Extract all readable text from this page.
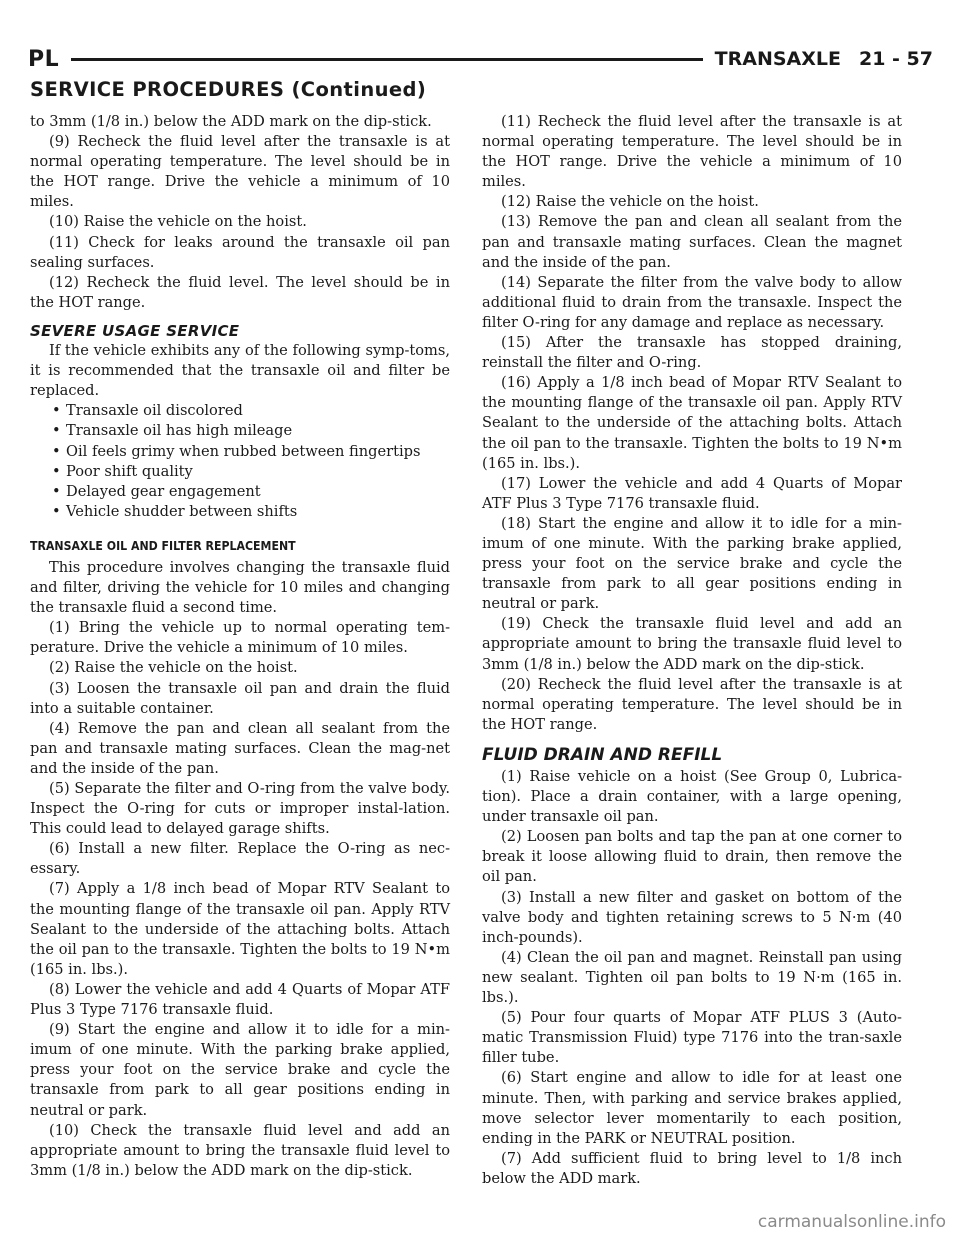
PL	TRANSAXLE 21 - 57
SERVICE PROCEDURES (Continued)

to 3mm (1/8 in.) below the ADD mark on the dip-stick.

(9) Recheck the fluid level after the transaxle is at normal operating temperature. The level should be in the HOT range. Drive the vehicle a minimum of 10 miles.

(10) Raise the vehicle on the hoist.

(11) Check for leaks around the transaxle oil pan sealing surfaces.

(12) Recheck the fluid level. The level should be in the HOT range.

SEVERE USAGE SERVICE

If the vehicle exhibits any of the following symp-toms, it is recommended that the transaxle oil and filter be replaced.

• Transaxle oil discolored
• Transaxle oil has high mileage
• Oil feels grimy when rubbed between fingertips
• Poor shift quality
• Delayed gear engagement
• Vehicle shudder between shifts
TRANSAXLE OIL AND FILTER REPLACEMENT

This procedure involves changing the transaxle fluid and filter, driving the vehicle for 10 miles and changing the transaxle fluid a second time.

(1) Bring the vehicle up to normal operating tem-perature. Drive the vehicle a minimum of 10 miles.

(2) Raise the vehicle on the hoist.

(3) Loosen the transaxle oil pan and drain the fluid into a suitable container.

(4) Remove the pan and clean all sealant from the pan and transaxle mating surfaces. Clean the mag-net and the inside of the pan.

(5) Separate the filter and O-ring from the valve body. Inspect the O-ring for cuts or improper instal-lation. This could lead to delayed garage shifts.

(6) Install a new filter. Replace the O-ring as nec-essary.

(7) Apply a 1/8 inch bead of Mopar RTV Sealant to the mounting flange of the transaxle oil pan. Apply RTV Sealant to the underside of the attaching bolts. Attach the oil pan to the transaxle. Tighten the bolts to 19 N•m (165 in. lbs.).

(8) Lower the vehicle and add 4 Quarts of Mopar ATF Plus 3 Type 7176 transaxle fluid.

(9) Start the engine and allow it to idle for a min-imum of one minute. With the parking brake applied, press your foot on the service brake and cycle the transaxle from park to all gear positions ending in neutral or park.

(10) Check the transaxle fluid level and add an appropriate amount to bring the transaxle fluid level to 3mm (1/8 in.) below the ADD mark on the dip-stick.

(11) Recheck the fluid level after the transaxle is at normal operating temperature. The level should be in the HOT range. Drive the vehicle a minimum of 10 miles.

(12) Raise the vehicle on the hoist.

(13) Remove the pan and clean all sealant from the pan and transaxle mating surfaces. Clean the magnet and the inside of the pan.

(14) Separate the filter from the valve body to allow additional fluid to drain from the transaxle. Inspect the filter O-ring for any damage and replace as necessary.

(15) After the transaxle has stopped draining, reinstall the filter and O-ring.

(16) Apply a 1/8 inch bead of Mopar RTV Sealant to the mounting flange of the transaxle oil pan. Apply RTV Sealant to the underside of the attaching bolts. Attach the oil pan to the transaxle. Tighten the bolts to 19 N•m (165 in. lbs.).

(17) Lower the vehicle and add 4 Quarts of Mopar ATF Plus 3 Type 7176 transaxle fluid.

(18) Start the engine and allow it to idle for a min-imum of one minute. With the parking brake applied, press your foot on the service brake and cycle the transaxle from park to all gear positions ending in neutral or park.

(19) Check the transaxle fluid level and add an appropriate amount to bring the transaxle fluid level to 3mm (1/8 in.) below the ADD mark on the dip-stick.

(20) Recheck the fluid level after the transaxle is at normal operating temperature. The level should be in the HOT range.

FLUID DRAIN AND REFILL

(1) Raise vehicle on a hoist (See Group 0, Lubrica-tion). Place a drain container, with a large opening, under transaxle oil pan.

(2) Loosen pan bolts and tap the pan at one corner to break it loose allowing fluid to drain, then remove the oil pan.

(3) Install a new filter and gasket on bottom of the valve body and tighten retaining screws to 5 N·m (40 inch-pounds).

(4) Clean the oil pan and magnet. Reinstall pan using new sealant. Tighten oil pan bolts to 19 N·m (165 in. lbs.).

(5) Pour four quarts of Mopar ATF PLUS 3 (Auto-matic Transmission Fluid) type 7176 into the tran-saxle filler tube.

(6) Start engine and allow to idle for at least one minute. Then, with parking and service brakes applied, move selector lever momentarily to each position, ending in the PARK or NEUTRAL position.

(7) Add sufficient fluid to bring level to 1/8 inch below the ADD mark.

carmanualsonline.info
